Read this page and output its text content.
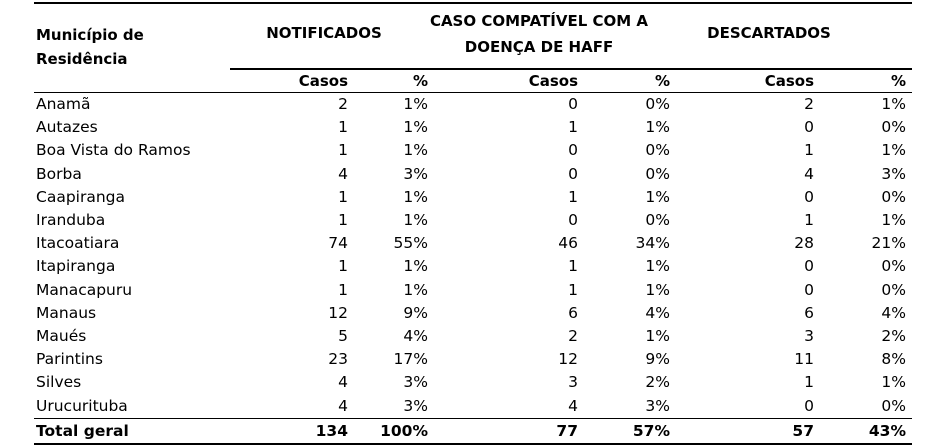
Município de
Residência
NOTIFICADOS
CASO COMPATÍVEL COM A
DOENÇA DE HAFF
DESCARTADOS
Casos	%	Casos	%	Casos	%
Anamã	2	1%	0	0%	2	1%
Autazes	1	1%	1	1%	0	0%
Boa Vista do Ramos	1	1%	0	0%	1	1%
Borba	4	3%	0	0%	4	3%
Caapiranga	1	1%	1	1%	0	0%
Iranduba	1	1%	0	0%	1	1%
Itacoatiara	74	55%	46	34%	28	21%
Itapiranga	1	1%	1	1%	0	0%
Manacapuru	1	1%	1	1%	0	0%
Manaus	12	9%	6	4%	6	4%
Maués	5	4%	2	1%	3	2%
Parintins	23	17%	12	9%	11	8%
Silves	4	3%	3	2%	1	1%
Urucurituba	4	3%	4	3%	0	0%
Total geral	134	100%	77	57%	57	43%
